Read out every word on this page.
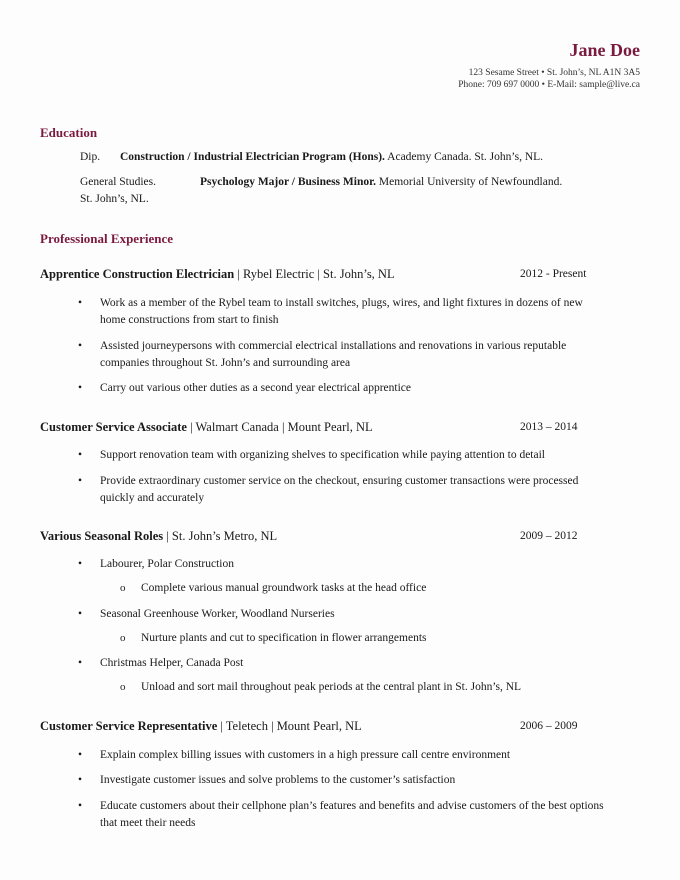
Jane Doe
123 Sesame Street • St. John’s, NL A1N 3A5
Phone: 709 697 0000 • E-Mail: sample@live.ca
Education
Dip. Construction / Industrial Electrician Program (Hons). Academy Canada. St. John’s, NL.
General Studies.	Psychology Major / Business Minor. Memorial University of Newfoundland.
St. John’s, NL.
Professional Experience
Apprentice Construction Electrician | Rybel Electric | St. John’s, NL	2012 - Present
• Work as a member of the Rybel team to install switches, plugs, wires, and light fixtures in dozens of new home constructions from start to finish
• Assisted journeypersons with commercial electrical installations and renovations in various reputable companies throughout St. John’s and surrounding area
• Carry out various other duties as a second year electrical apprentice
Customer Service Associate | Walmart Canada | Mount Pearl, NL	2013 – 2014
• Support renovation team with organizing shelves to specification while paying attention to detail
• Provide extraordinary customer service on the checkout, ensuring customer transactions were processed quickly and accurately
Various Seasonal Roles | St. John’s Metro, NL	2009 – 2012
• Labourer, Polar Construction
o Complete various manual groundwork tasks at the head office
• Seasonal Greenhouse Worker, Woodland Nurseries
o Nurture plants and cut to specification in flower arrangements
• Christmas Helper, Canada Post
o Unload and sort mail throughout peak periods at the central plant in St. John’s, NL
Customer Service Representative | Teletech | Mount Pearl, NL	2006 – 2009
• Explain complex billing issues with customers in a high pressure call centre environment
• Investigate customer issues and solve problems to the customer’s satisfaction
• Educate customers about their cellphone plan’s features and benefits and advise customers of the best options that meet their needs
